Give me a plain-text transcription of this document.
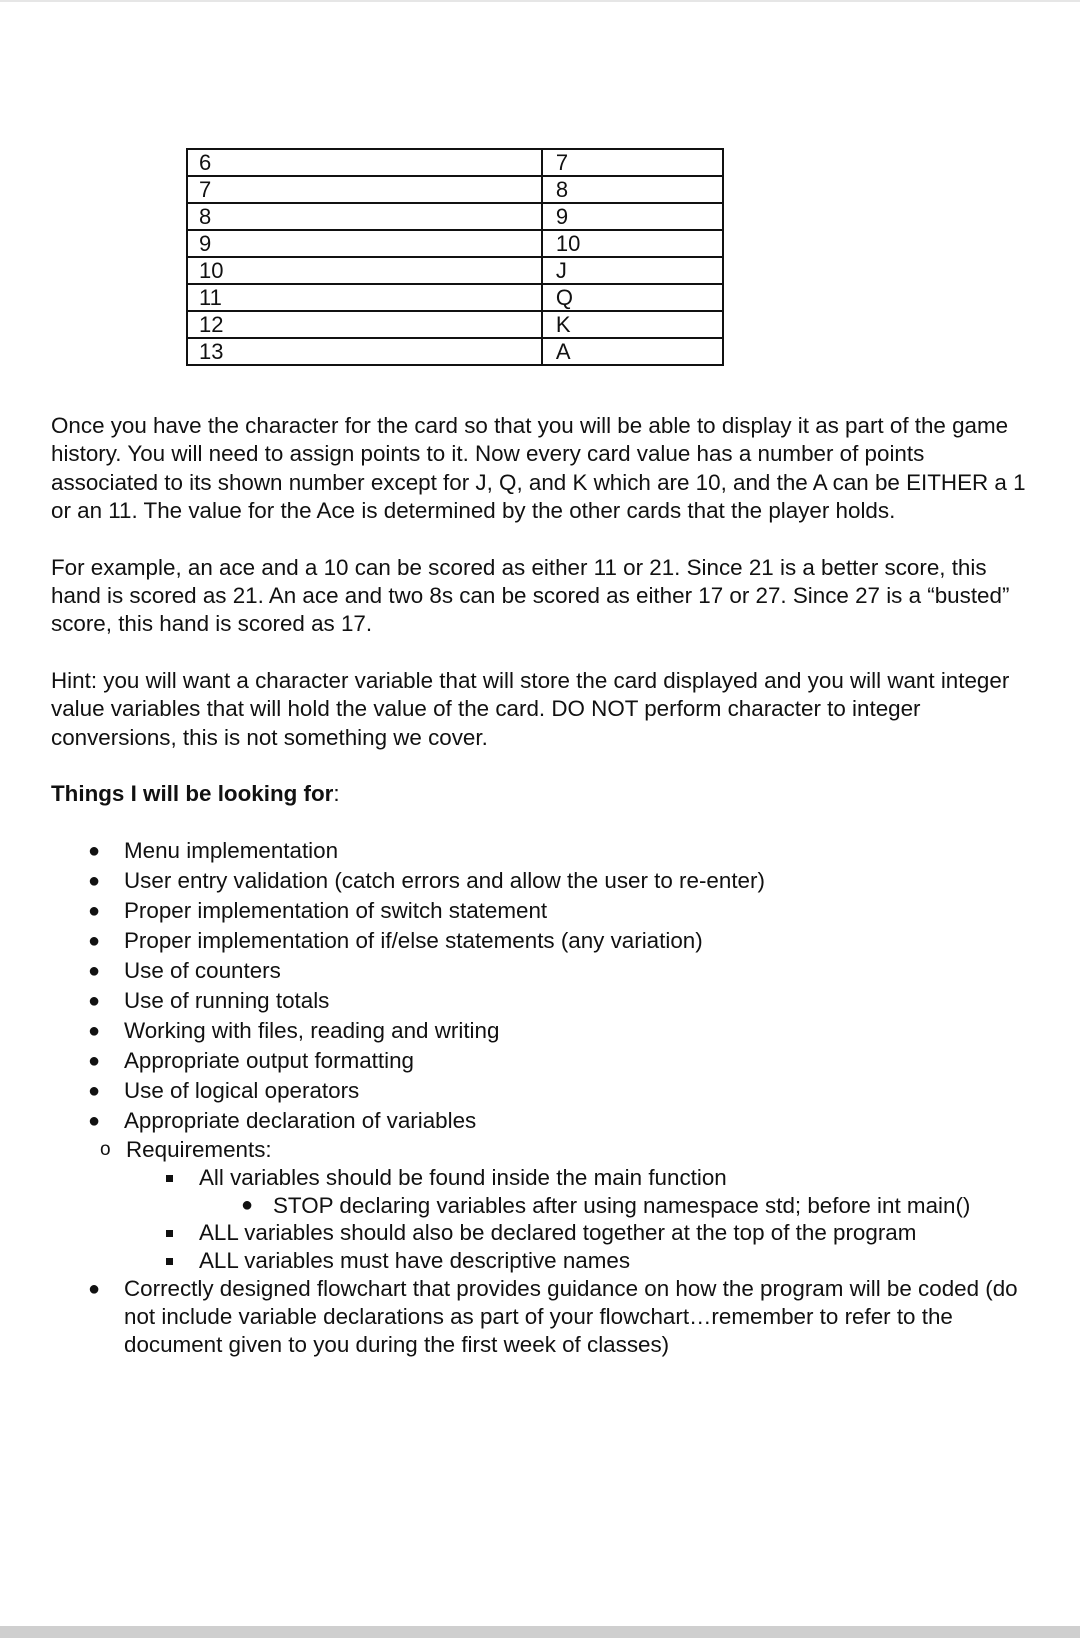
6	7
7	8
8	9
9	10
10	J
11	Q
12	K
13	A

Once you have the character for the card so that you will be able to display it as part of the game history. You will need to assign points to it. Now every card value has a number of points associated to its shown number except for J, Q, and K which are 10, and the A can be EITHER a 1 or an 11. The value for the Ace is determined by the other cards that the player holds.

For example, an ace and a 10 can be scored as either 11 or 21. Since 21 is a better score, this hand is scored as 21. An ace and two 8s can be scored as either 17 or 27. Since 27 is a “busted” score, this hand is scored as 17.

Hint: you will want a character variable that will store the card displayed and you will want integer value variables that will hold the value of the card. DO NOT perform character to integer conversions, this is not something we cover.

Things I will be looking for:

● Menu implementation
● User entry validation (catch errors and allow the user to re-enter)
● Proper implementation of switch statement
● Proper implementation of if/else statements (any variation)
● Use of counters
● Use of running totals
● Working with files, reading and writing
● Appropriate output formatting
● Use of logical operators
● Appropriate declaration of variables
o Requirements:
All variables should be found inside the main function
● STOP declaring variables after using namespace std; before int main()
ALL variables should also be declared together at the top of the program
ALL variables must have descriptive names
● Correctly designed flowchart that provides guidance on how the program will be coded (do not include variable declarations as part of your flowchart…remember to refer to the document given to you during the first week of classes)
